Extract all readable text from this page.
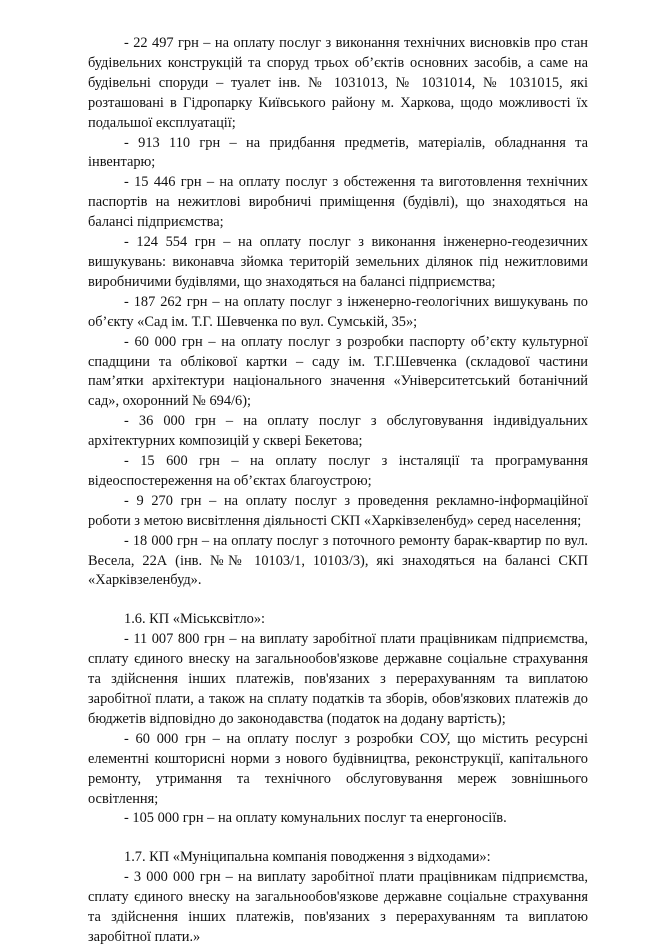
- 22 497 грн – на оплату послуг з виконання технічних висновків про стан будівельних конструкцій та споруд трьох об’єктів основних засобів, а саме на будівельні споруди – туалет інв. № 1031013, № 1031014, № 1031015, які розташовані в Гідропарку Київського району м. Харкова, щодо можливості їх подальшої експлуатації;

- 913 110 грн – на придбання предметів, матеріалів, обладнання та інвентарю;

- 15 446 грн – на оплату послуг з обстеження та виготовлення технічних паспортів на нежитлові виробничі приміщення (будівлі), що знаходяться на балансі підприємства;

- 124 554 грн – на оплату послуг з виконання інженерно-геодезичних вишукувань: виконавча зйомка територій земельних ділянок під нежитловими виробничими будівлями, що знаходяться на балансі підприємства;

- 187 262 грн – на оплату послуг з інженерно-геологічних вишукувань по об’єкту «Сад ім. Т.Г. Шевченка по вул. Сумській, 35»;

- 60 000 грн – на оплату послуг з розробки паспорту об’єкту культурної спадщини та облікової картки – саду ім. Т.Г.Шевченка (складової частини пам’ятки архітектури національного значення «Університетський ботанічний сад», охоронний № 694/6);

- 36 000 грн – на оплату послуг з обслуговування індивідуальних архітектурних композицій у сквері Бекетова;

- 15 600 грн – на оплату послуг з інсталяції та програмування відеоспостереження на об’єктах благоустрою;

- 9 270 грн – на оплату послуг з проведення рекламно-інформаційної роботи з метою висвітлення діяльності СКП «Харківзеленбуд» серед населення;

- 18 000 грн – на оплату послуг з поточного ремонту барак-квартир по вул. Весела, 22А (інв. №№ 10103/1, 10103/3), які знаходяться на балансі СКП «Харківзеленбуд».

1.6. КП «Міськсвітло»:

- 11 007 800 грн – на виплату заробітної плати працівникам підприємства, сплату єдиного внеску на загальнообов'язкове державне соціальне страхування та здійснення інших платежів, пов'язаних з перерахуванням та виплатою заробітної плати, а також на сплату податків та зборів, обов'язкових платежів до бюджетів відповідно до законодавства (податок на додану вартість);

- 60 000 грн – на оплату послуг з розробки СОУ, що містить ресурсні елементні кошторисні норми з нового будівництва, реконструкції, капітального ремонту, утримання та технічного обслуговування мереж зовнішнього освітлення;

- 105 000 грн – на оплату комунальних послуг та енергоносіїв.

1.7. КП «Муніципальна компанія поводження з відходами»:

- 3 000 000 грн – на виплату заробітної плати працівникам підприємства, сплату єдиного внеску на загальнообов'язкове державне соціальне страхування та здійснення інших платежів, пов'язаних з перерахуванням та виплатою заробітної плати.»
